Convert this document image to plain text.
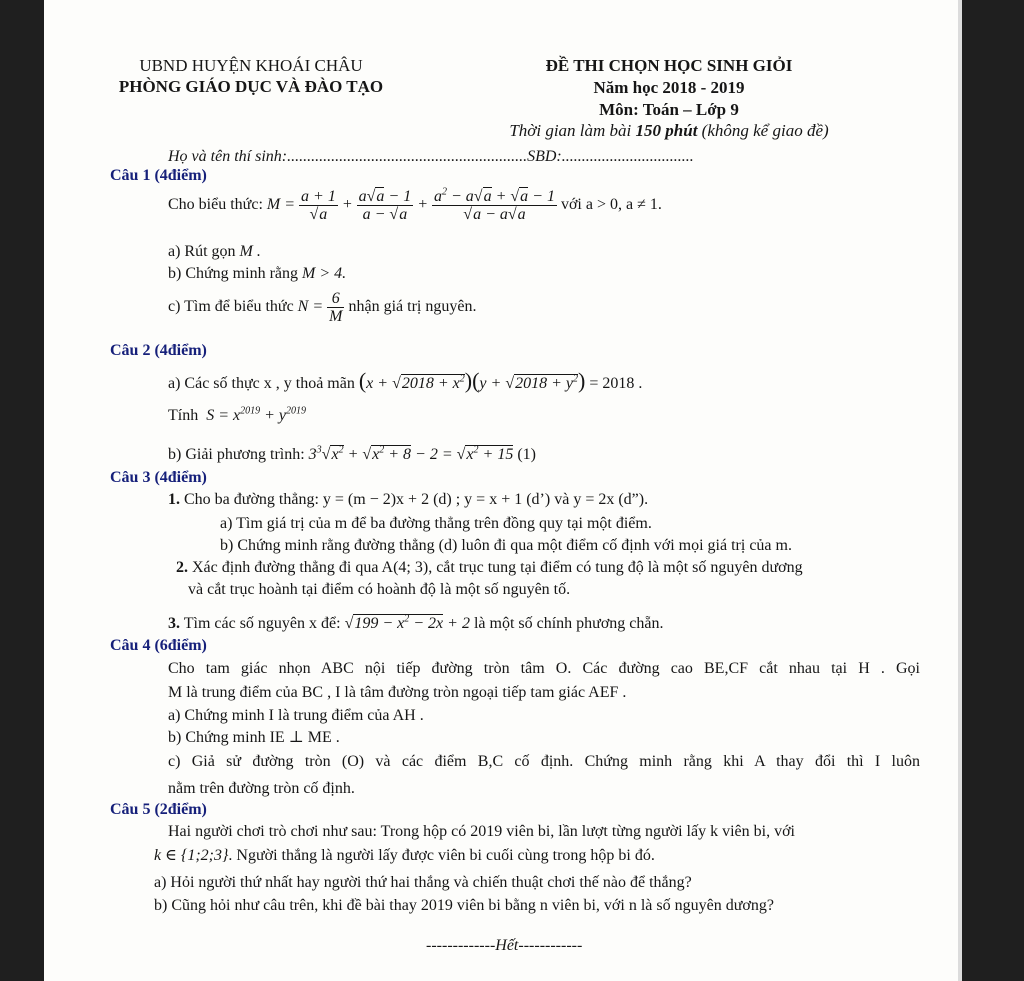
UBND HUYỆN KHOÁI CHÂU
PHÒNG GIÁO DỤC VÀ ĐÀO TẠO
ĐỀ THI CHỌN HỌC SINH GIỎI
Năm học 2018 - 2019
Môn: Toán – Lớp 9
Thời gian làm bài 150 phút (không kể giao đề)
Họ và tên thí sinh:............................................................SBD:.................................
Câu 1 (4điểm)
Cho biểu thức: $M = \frac{a + 1}{√a} + \frac{a√a - 1}{a - √a} + \frac{a^2 - a√a + √a - 1}{√a - a√a}$ với a > 0, a ≠ 1.
a) Rút gọn M .
b) Chứng minh rằng M > 4.
c) Tìm để biểu thức $N = \frac{6}{M}$ nhận giá trị nguyên.
Câu 2 (4điểm)
a) Các số thực x , y thoả mãn $(x + √2018 + x^2)(y + √2018 + y^2) = 2018$ .
Tính  $S = x^{2019} + y^{2019}$
b) Giải phương trình: $3^3√x^2 + √x^2 + 8 - 2 = √x^2 + 15$ (1)
Câu 3 (4điểm)
1. Cho ba đường thẳng: y = (m − 2)x + 2 (d) ; y = x + 1 (d’) và y = 2x (d”).
a) Tìm giá trị của m để ba đường thẳng trên đồng quy tại một điểm.
b) Chứng minh rằng đường thẳng (d) luôn đi qua một điểm cố định với mọi giá trị của m.
2. Xác định đường thẳng đi qua A(4; 3), cắt trục tung tại điểm có tung độ là một số nguyên dương
và cắt trục hoành tại điểm có hoành độ là một số nguyên tố.
3. Tìm các số nguyên x để: $√199 - x^2 - 2x + 2$ là một số chính phương chẵn.
Câu 4 (6điểm)
Cho tam giác nhọn ABC nội tiếp đường tròn tâm O. Các đường cao BE,CF cắt nhau tại H . Gọi
M là trung điểm của BC , I là tâm đường tròn ngoại tiếp tam giác AEF .
a) Chứng minh I là trung điểm của AH .
b) Chứng minh IE ⊥ ME .
c) Giả sử đường tròn (O) và các điểm B,C cố định. Chứng minh rằng khi A thay đổi thì I luôn
nằm trên đường tròn cố định.
Câu 5 (2điểm)
Hai người chơi trò chơi như sau: Trong hộp có 2019 viên bi, lần lượt từng người lấy k viên bi, với
k ∈ {1;2;3}. Người thắng là người lấy được viên bi cuối cùng trong hộp bi đó.
a) Hỏi người thứ nhất hay người thứ hai thắng và chiến thuật chơi thế nào để thắng?
b) Cũng hỏi như câu trên, khi đề bài thay 2019 viên bi bằng n viên bi, với n là số nguyên dương?
-------------Hết------------
